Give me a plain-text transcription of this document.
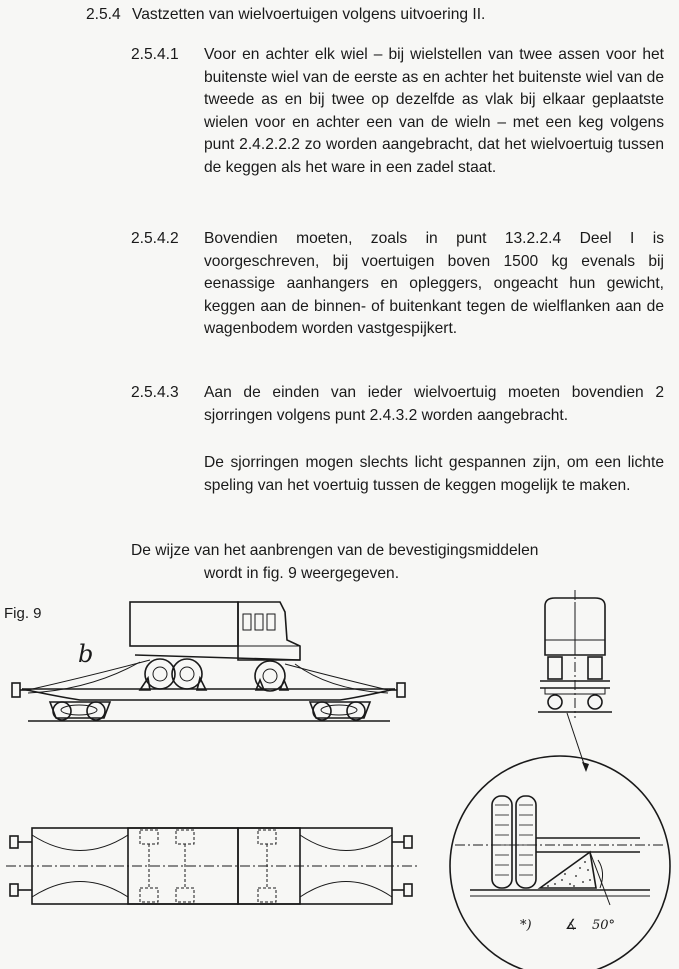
2.5.4 Vastzetten van wielvoertuigen volgens uitvoering II.
2.5.4.1 Voor en achter elk wiel – bij wielstellen van twee assen voor het buitenste wiel van de eerste as en achter het buitenste wiel van de tweede as en bij twee op dezelfde as vlak bij elkaar geplaatste wielen voor en achter een van de wieln – met een keg volgens punt 2.4.2.2.2 zo worden aangebracht, dat het wielvoertuig tussen de keggen als het ware in een zadel staat.
2.5.4.2 Bovendien moeten, zoals in punt 13.2.2.4 Deel I is voorgeschreven, bij voertuigen boven 1500 kg evenals bij eenassige aanhangers en opleggers, ongeacht hun gewicht, keggen aan de binnen- of buitenkant tegen de wielflanken aan de wagenbodem worden vastgespijkert.
2.5.4.3 Aan de einden van ieder wielvoertuig moeten bovendien 2 sjorringen volgens punt 2.4.3.2 worden aangebracht.
De sjorringen mogen slechts licht gespannen zijn, om een lichte speling van het voertuig tussen de keggen mogelijk te maken.
De wijze van het aanbrengen van de bevestigingsmiddelen
wordt in fig. 9 weergegeven.
Fig. 9
b
*) ∡ 50°
